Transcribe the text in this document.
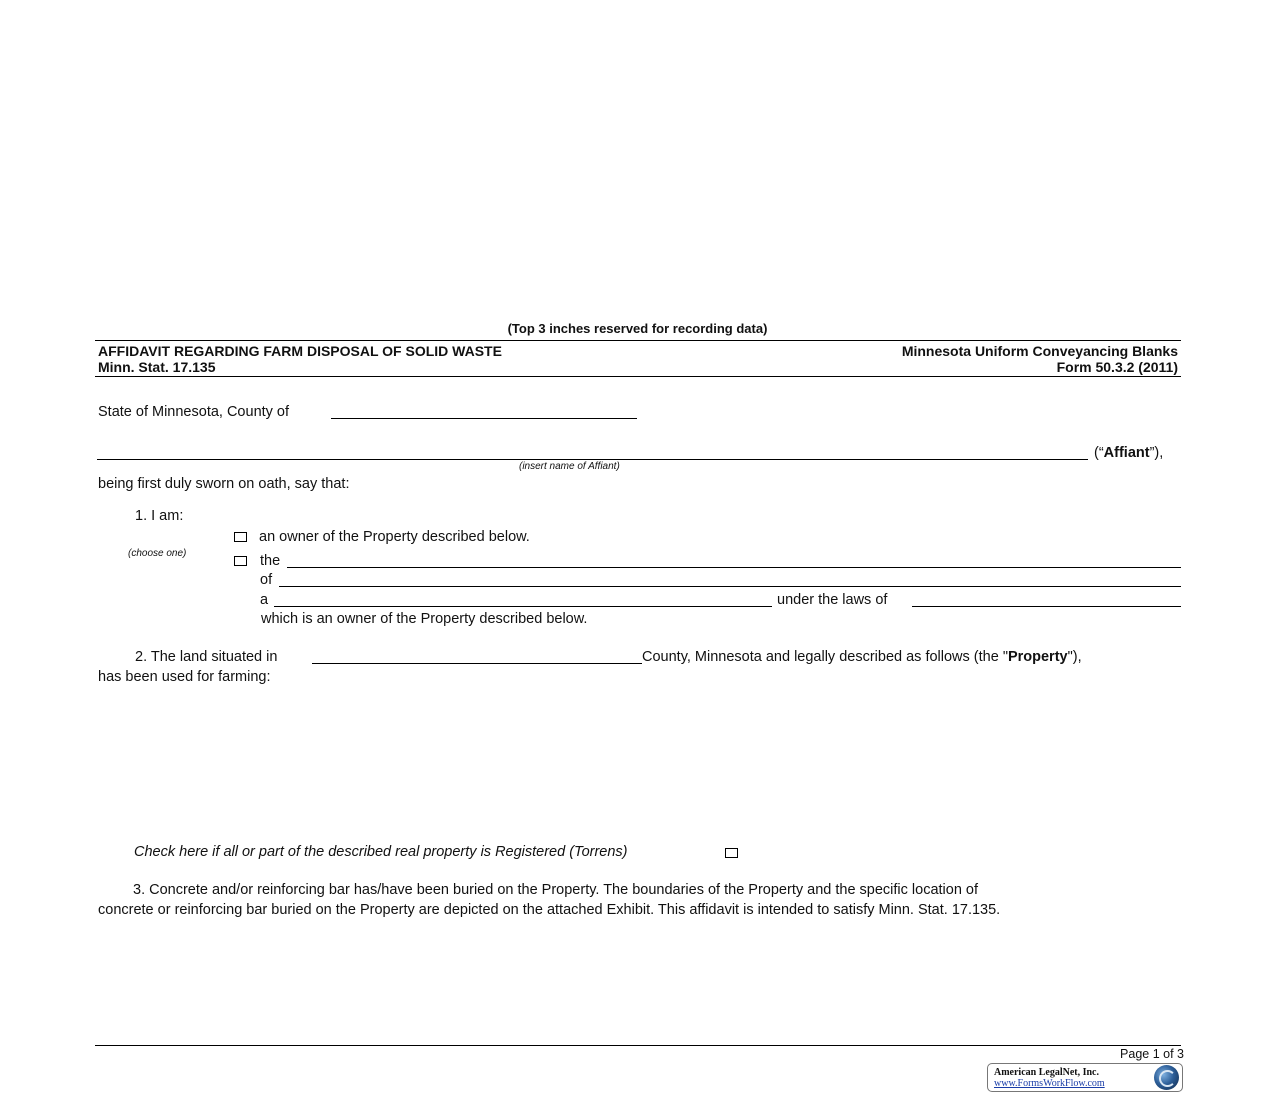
(Top 3 inches reserved for recording data)
AFFIDAVIT REGARDING FARM DISPOSAL OF SOLID WASTE
Minn. Stat. 17.135
Minnesota Uniform Conveyancing Blanks
Form 50.3.2 (2011)
State of Minnesota, County of
(“Affiant”),
(insert name of Affiant)
being first duly sworn on oath, say that:
1. I am:
an owner of the Property described below.
(choose one)	the
of
a	under the laws of
which is an owner of the Property described below.
2. The land situated in	County, Minnesota and legally described as follows (the "Property"),
has been used for farming:
Check here if all or part of the described real property is Registered (Torrens)
3. Concrete and/or reinforcing bar has/have been buried on the Property. The boundaries of the Property and the specific location of
concrete or reinforcing bar buried on the Property are depicted on the attached Exhibit. This affidavit is intended to satisfy Minn. Stat. 17.135.
Page 1 of 3
American LegalNet, Inc.
www.FormsWorkFlow.com
